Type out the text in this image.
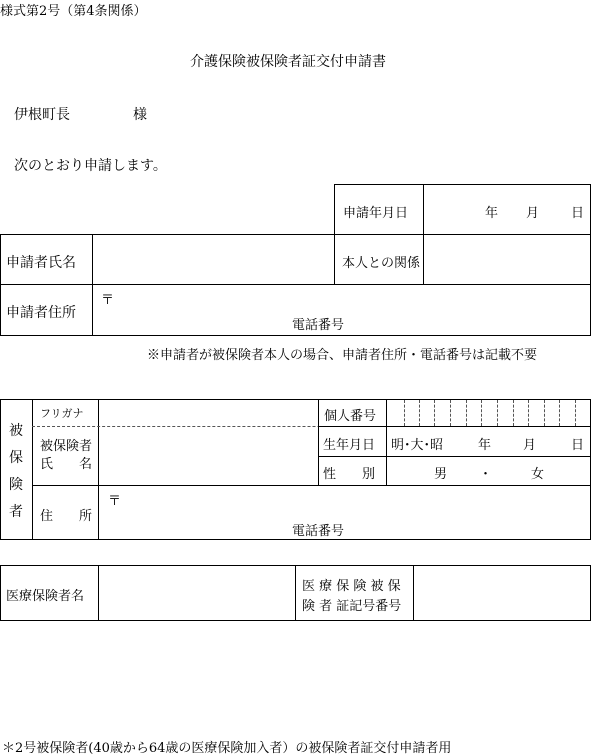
様式第2号（第4条関係）
介護保険被保険者証交付申請書
伊根町長	様
次のとおり申請します。
申請年月日	年 月 日
申請者氏名	本人との関係
申請者住所
〒
電話番号
※申請者が被保険者本人の場合、申請者住所・電話番号は記載不要
被
保
険
者
フリガナ	個人番号
被保険者
氏　　名
生年月日 明･大･昭	年 月	日
性　　別	男 ・	女
住　　所
〒
電話番号
医療保険者名
医 療 保 険 被 保
険 者 証記号番号
＊2号被保険者(40歳から64歳の医療保険加入者）の被保険者証交付申請者用
